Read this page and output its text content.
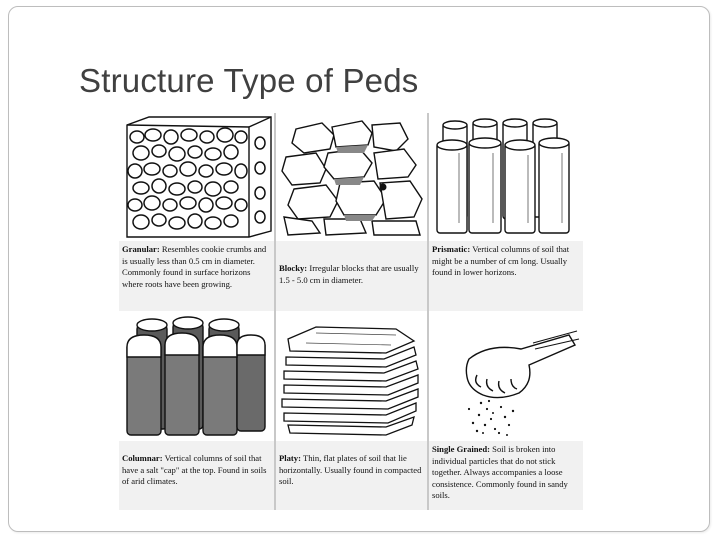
Structure Type of Peds
Granular: Resembles cookie crumbs and is usually less than 0.5 cm in diameter. Commonly found in surface horizons where roots have been growing.
Blocky: Irregular blocks that are usually 1.5 - 5.0 cm in diameter.
Prismatic: Vertical columns of soil that might be a number of cm long. Usually found in lower horizons.
Columnar: Vertical columns of soil that have a salt "cap" at the top. Found in soils of arid climates.
Platy: Thin, flat plates of soil that lie horizontally. Usually found in compacted soil.
Single Grained: Soil is broken into individual particles that do not stick together. Always accompanies a loose consistence. Commonly found in sandy soils.
